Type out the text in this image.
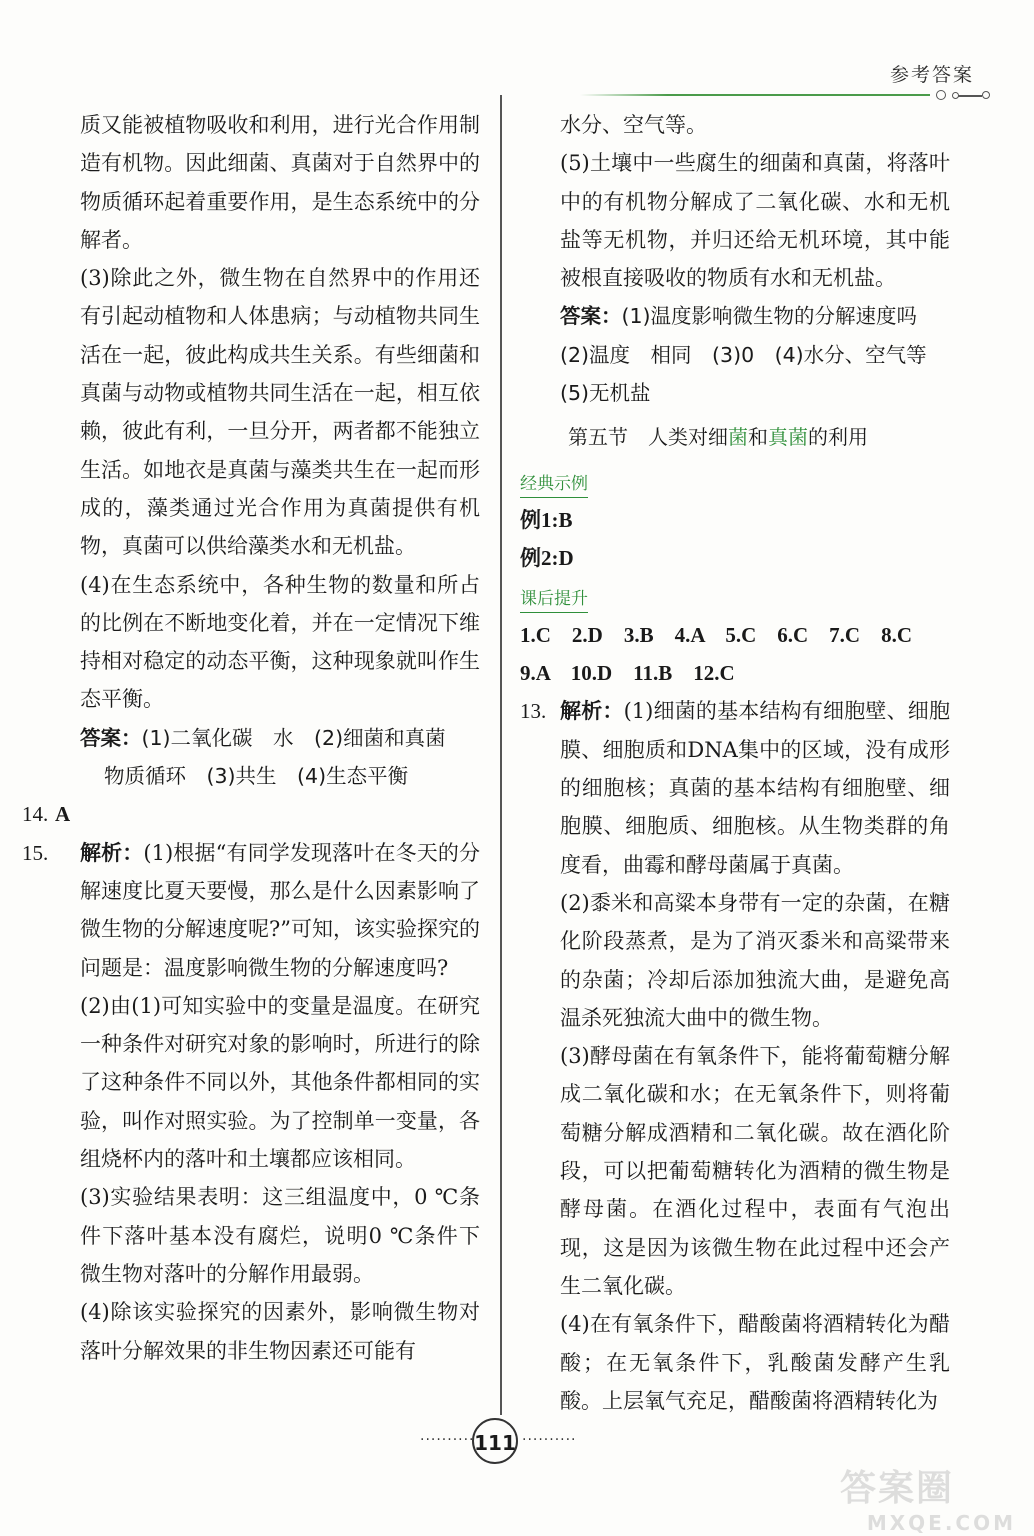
参考答案

质又能被植物吸收和利用，进行光合作用制造有机物。因此细菌、真菌对于自然界中的物质循环起着重要作用，是生态系统中的分解者。

(3)除此之外，微生物在自然界中的作用还有引起动植物和人体患病；与动植物共同生活在一起，彼此构成共生关系。有些细菌和真菌与动物或植物共同生活在一起，相互依赖，彼此有利，一旦分开，两者都不能独立生活。如地衣是真菌与藻类共生在一起而形成的，藻类通过光合作用为真菌提供有机物，真菌可以供给藻类水和无机盐。

(4)在生态系统中，各种生物的数量和所占的比例在不断地变化着，并在一定情况下维持相对稳定的动态平衡，这种现象就叫作生态平衡。

答案：(1)二氧化碳　水　(2)细菌和真菌
物质循环　(3)共生　(4)生态平衡
14. A
15. 解析：(1)根据“有同学发现落叶在冬天的分解速度比夏天要慢，那么是什么因素影响了微生物的分解速度呢?”可知，该实验探究的问题是：温度影响微生物的分解速度吗?

(2)由(1)可知实验中的变量是温度。在研究一种条件对研究对象的影响时，所进行的除了这种条件不同以外，其他条件都相同的实验，叫作对照实验。为了控制单一变量，各组烧杯内的落叶和土壤都应该相同。

(3)实验结果表明：这三组温度中，0 ℃条件下落叶基本没有腐烂，说明0 ℃条件下微生物对落叶的分解作用最弱。

(4)除该实验探究的因素外，影响微生物对落叶分解效果的非生物因素还可能有

水分、空气等。

(5)土壤中一些腐生的细菌和真菌，将落叶中的有机物分解成了二氧化碳、水和无机盐等无机物，并归还给无机环境，其中能被根直接吸收的物质有水和无机盐。

答案：(1)温度影响微生物的分解速度吗
(2)温度　相同　(3)0　(4)水分、空气等
(5)无机盐
第五节　人类对细菌和真菌的利用
经典示例
例1:B
例2:D
课后提升
1.C　2.D　3.B　4.A　5.C　6.C　7.C　8.C
9.A　10.D　11.B　12.C
13. 解析：(1)细菌的基本结构有细胞壁、细胞膜、细胞质和DNA集中的区域，没有成形的细胞核；真菌的基本结构有细胞壁、细胞膜、细胞质、细胞核。从生物类群的角度看，曲霉和酵母菌属于真菌。

(2)黍米和高粱本身带有一定的杂菌，在糖化阶段蒸煮，是为了消灭黍米和高粱带来的杂菌；冷却后添加独流大曲，是避免高温杀死独流大曲中的微生物。

(3)酵母菌在有氧条件下，能将葡萄糖分解成二氧化碳和水；在无氧条件下，则将葡萄糖分解成酒精和二氧化碳。故在酒化阶段，可以把葡萄糖转化为酒精的微生物是酵母菌。在酒化过程中，表面有气泡出现，这是因为该微生物在此过程中还会产生二氧化碳。

(4)在有氧条件下，醋酸菌将酒精转化为醋酸；在无氧条件下，乳酸菌发酵产生乳酸。上层氧气充足，醋酸菌将酒精转化为

·········· 111 ··········
答案圈
MXQE.COM
